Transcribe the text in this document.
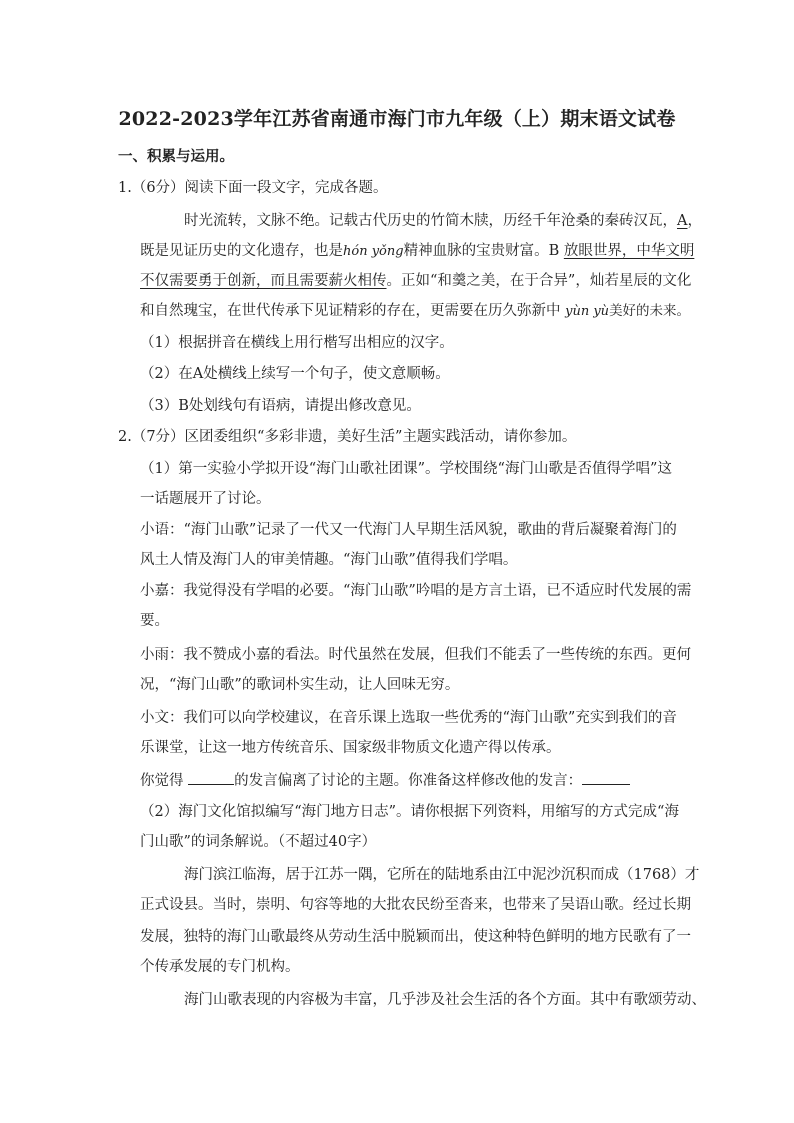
2022-2023学年江苏省南通市海门市九年级（上）期末语文试卷
一、积累与运用。
1.（6分）阅读下面一段文字，完成各题。
时光流转，文脉不绝。记载古代历史的竹简木牍，历经千年沧桑的秦砖汉瓦，A，
既是见证历史的文化遗存，也是hón yǒng精神血脉的宝贵财富。B 放眼世界，中华文明
不仅需要勇于创新，而且需要薪火相传。正如“和羹之美，在于合异”，灿若星辰的文化
和自然瑰宝，在世代传承下见证精彩的存在，更需要在历久弥新中 yùn yù美好的未来。
（1）根据拼音在横线上用行楷写出相应的汉字。
（2）在A处横线上续写一个句子，使文意顺畅。
（3）B处划线句有语病，请提出修改意见。
2.（7分）区团委组织“多彩非遗，美好生活”主题实践活动，请你参加。
（1）第一实验小学拟开设“海门山歌社团课”。学校围绕“海门山歌是否值得学唱”这
一话题展开了讨论。
小语：“海门山歌”记录了一代又一代海门人早期生活风貌，歌曲的背后凝聚着海门的
风土人情及海门人的审美情趣。“海门山歌”值得我们学唱。
小嘉：我觉得没有学唱的必要。“海门山歌”吟唱的是方言土语，已不适应时代发展的需
要。
小雨：我不赞成小嘉的看法。时代虽然在发展，但我们不能丢了一些传统的东西。更何
况，“海门山歌”的歌词朴实生动，让人回味无穷。
小文：我们可以向学校建议，在音乐课上选取一些优秀的“海门山歌”充实到我们的音
乐课堂，让这一地方传统音乐、国家级非物质文化遗产得以传承。
你觉得	的发言偏离了讨论的主题。你准备这样修改他的发言：
（2）海门文化馆拟编写“海门地方日志”。请你根据下列资料，用缩写的方式完成“海
门山歌”的词条解说。（不超过40字）
海门滨江临海，居于江苏一隅，它所在的陆地系由江中泥沙沉积而成（1768）才
正式设县。当时，崇明、句容等地的大批农民纷至沓来，也带来了吴语山歌。经过长期
发展，独特的海门山歌最终从劳动生活中脱颖而出，使这种特色鲜明的地方民歌有了一
个传承发展的专门机构。
海门山歌表现的内容极为丰富，几乎涉及社会生活的各个方面。其中有歌颂劳动、
